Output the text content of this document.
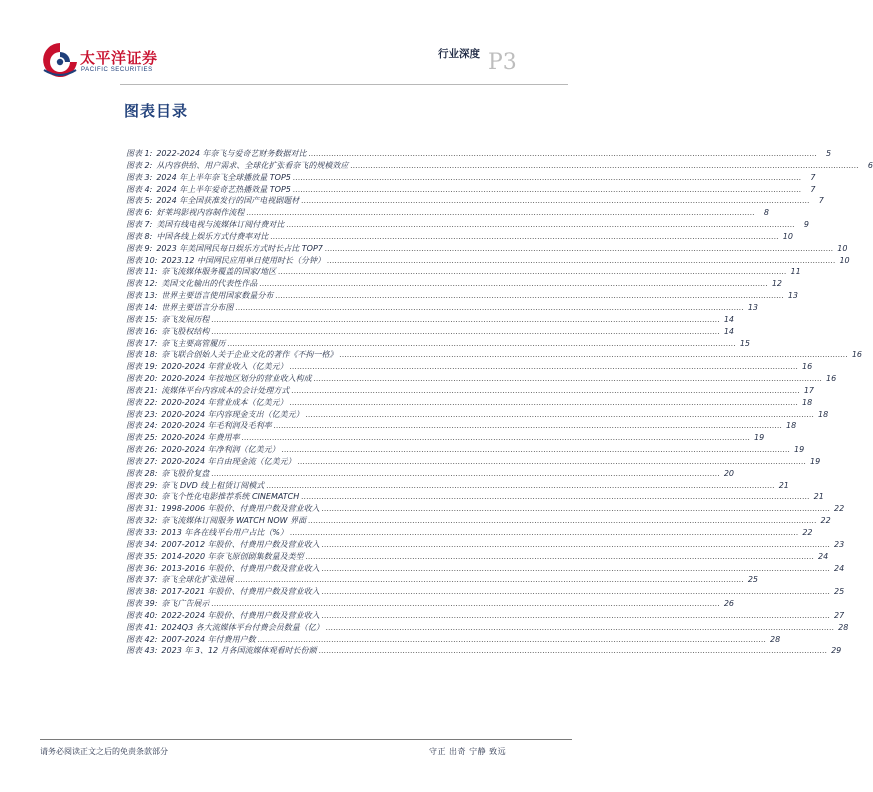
太平洋证券
PACIFIC SECURITIES
行业深度 P3
图表目录
图表 1: 2022-2024 年奈飞与爱奇艺财务数据对比 .....	5
图表 2: 从内容供给、用户需求、全球化扩张看奈飞的规模效应 .....	6
图表 3: 2024 年上半年奈飞全球播放量 TOP5 .....	7
图表 4: 2024 年上半年爱奇艺热播效量 TOP5 .....	7
图表 5: 2024 年全国获准发行的国产电视剧题材 .....	7
图表 6: 好莱坞影视内容制作流程 .....	8
图表 7: 美国有线电视与流媒体订阅付费对比 .....	9
图表 8: 中国各线上娱乐方式付费率对比 .....	10
图表 9: 2023 年美国网民每日娱乐方式时长占比 TOP7 .....	10
图表 10: 2023.12 中国网民应用单日使用时长（分钟） .....	10
图表 11: 奈飞流媒体服务覆盖的国家/地区 .....	11
图表 12: 美国文化输出的代表性作品 .....	12
图表 13: 世界主要语言使用国家数量分布 .....	13
图表 14: 世界主要语言分布图 .....	13
图表 15: 奈飞发展历程 .....	14
图表 16: 奈飞股权结构 .....	14
图表 17: 奈飞主要高管履历 .....	15
图表 18: 奈飞联合创始人关于企业文化的著作《不拘一格》 .....	16
图表 19: 2020-2024 年营业收入（亿美元） .....	16
图表 20: 2020-2024 年按地区划分的营业收入构成 .....	16
图表 21: 流媒体平台内容成本的会计处理方式 .....	17
图表 22: 2020-2024 年营业成本（亿美元） .....	18
图表 23: 2020-2024 年内容现金支出（亿美元） .....	18
图表 24: 2020-2024 年毛利润及毛利率 .....	18
图表 25: 2020-2024 年费用率 .....	19
图表 26: 2020-2024 年净利润（亿美元） .....	19
图表 27: 2020-2024 年自由现金流（亿美元） .....	19
图表 28: 奈飞股价复盘 .....	20
图表 29: 奈飞 DVD 线上租赁订阅模式 .....	21
图表 30: 奈飞个性化电影推荐系统 CINEMATCH .....	21
图表 31: 1998-2006 年股价、付费用户数及营业收入 .....	22
图表 32: 奈飞流媒体订阅服务 WATCH NOW 界面 .....	22
图表 33: 2013 年各在线平台用户占比（%） .....	22
图表 34: 2007-2012 年股价、付费用户数及营业收入 .....	23
图表 35: 2014-2020 年奈飞原创剧集数量及类型 .....	24
图表 36: 2013-2016 年股价、付费用户数及营业收入 .....	24
图表 37: 奈飞全球化扩张进展 .....	25
图表 38: 2017-2021 年股价、付费用户数及营业收入 .....	25
图表 39: 奈飞广告展示 .....	26
图表 40: 2022-2024 年股价、付费用户数及营业收入 .....	27
图表 41: 2024Q3 各大流媒体平台付费会员数量（亿） .....	28
图表 42: 2007-2024 年付费用户数 .....	28
图表 43: 2023 年 3、12 月各国流媒体观看时长份额 .....	29
请务必阅读正文之后的免责条款部分	守正 出奇 宁静 致远
